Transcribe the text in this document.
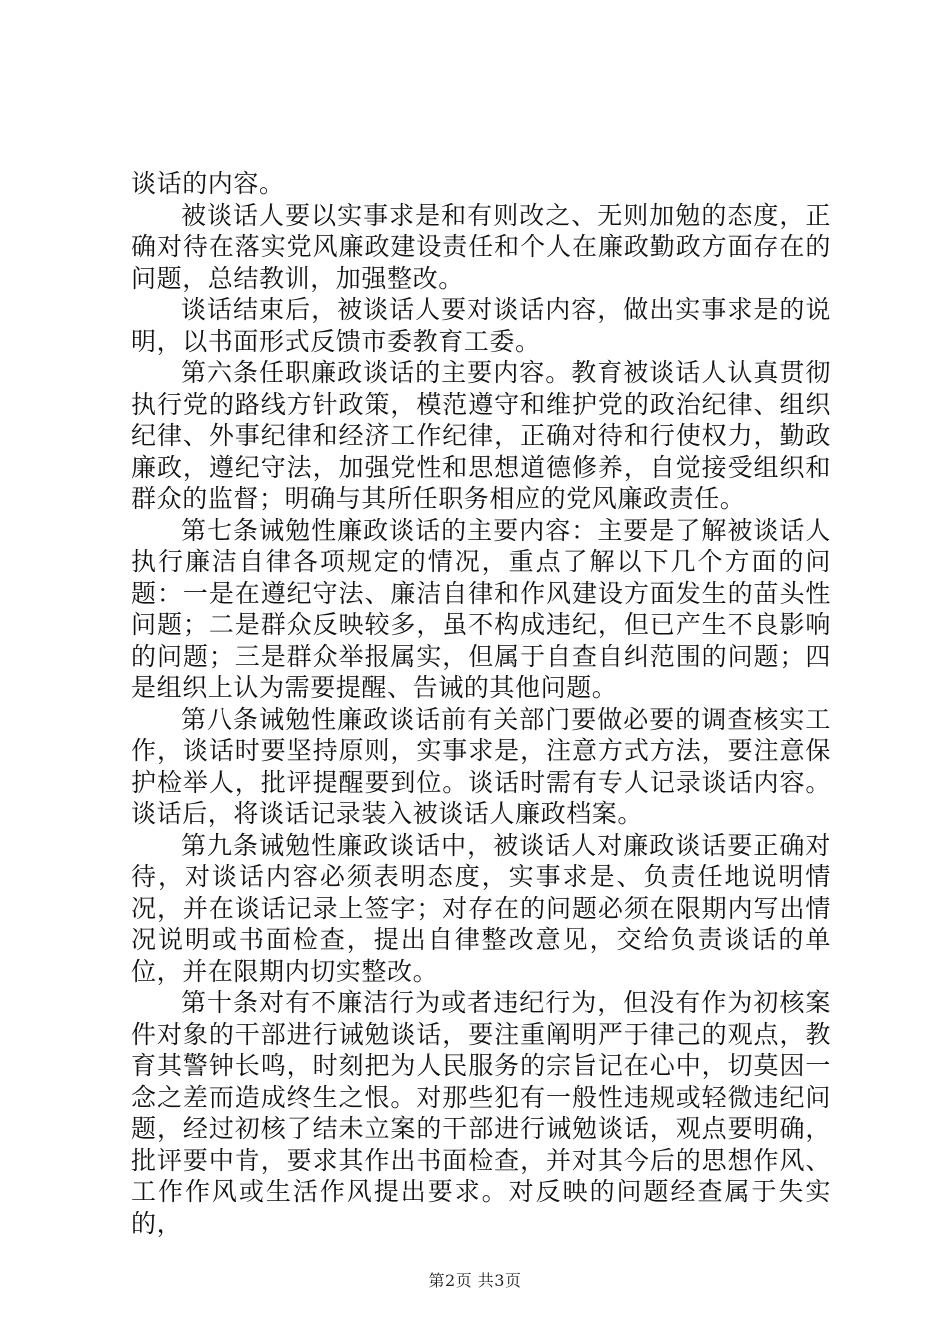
谈话的内容。

被谈话人要以实事求是和有则改之、无则加勉的态度，正确对待在落实党风廉政建设责任和个人在廉政勤政方面存在的问题，总结教训，加强整改。

谈话结束后，被谈话人要对谈话内容，做出实事求是的说明，以书面形式反馈市委教育工委。

第六条任职廉政谈话的主要内容。教育被谈话人认真贯彻执行党的路线方针政策，模范遵守和维护党的政治纪律、组织纪律、外事纪律和经济工作纪律，正确对待和行使权力，勤政廉政，遵纪守法，加强党性和思想道德修养，自觉接受组织和群众的监督；明确与其所任职务相应的党风廉政责任。

第七条诫勉性廉政谈话的主要内容：主要是了解被谈话人执行廉洁自律各项规定的情况，重点了解以下几个方面的问题：一是在遵纪守法、廉洁自律和作风建设方面发生的苗头性问题；二是群众反映较多，虽不构成违纪，但已产生不良影响的问题；三是群众举报属实，但属于自查自纠范围的问题；四是组织上认为需要提醒、告诫的其他问题。

第八条诫勉性廉政谈话前有关部门要做必要的调查核实工作，谈话时要坚持原则，实事求是，注意方式方法，要注意保护检举人，批评提醒要到位。谈话时需有专人记录谈话内容。谈话后，将谈话记录装入被谈话人廉政档案。

第九条诫勉性廉政谈话中，被谈话人对廉政谈话要正确对待，对谈话内容必须表明态度，实事求是、负责任地说明情况，并在谈话记录上签字；对存在的问题必须在限期内写出情况说明或书面检查，提出自律整改意见，交给负责谈话的单位，并在限期内切实整改。

第十条对有不廉洁行为或者违纪行为，但没有作为初核案件对象的干部进行诫勉谈话，要注重阐明严于律己的观点，教育其警钟长鸣，时刻把为人民服务的宗旨记在心中，切莫因一念之差而造成终生之恨。对那些犯有一般性违规或轻微违纪问题，经过初核了结未立案的干部进行诫勉谈话，观点要明确，批评要中肯，要求其作出书面检查，并对其今后的思想作风、工作作风或生活作风提出要求。对反映的问题经查属于失实的，

第2页 共3页
